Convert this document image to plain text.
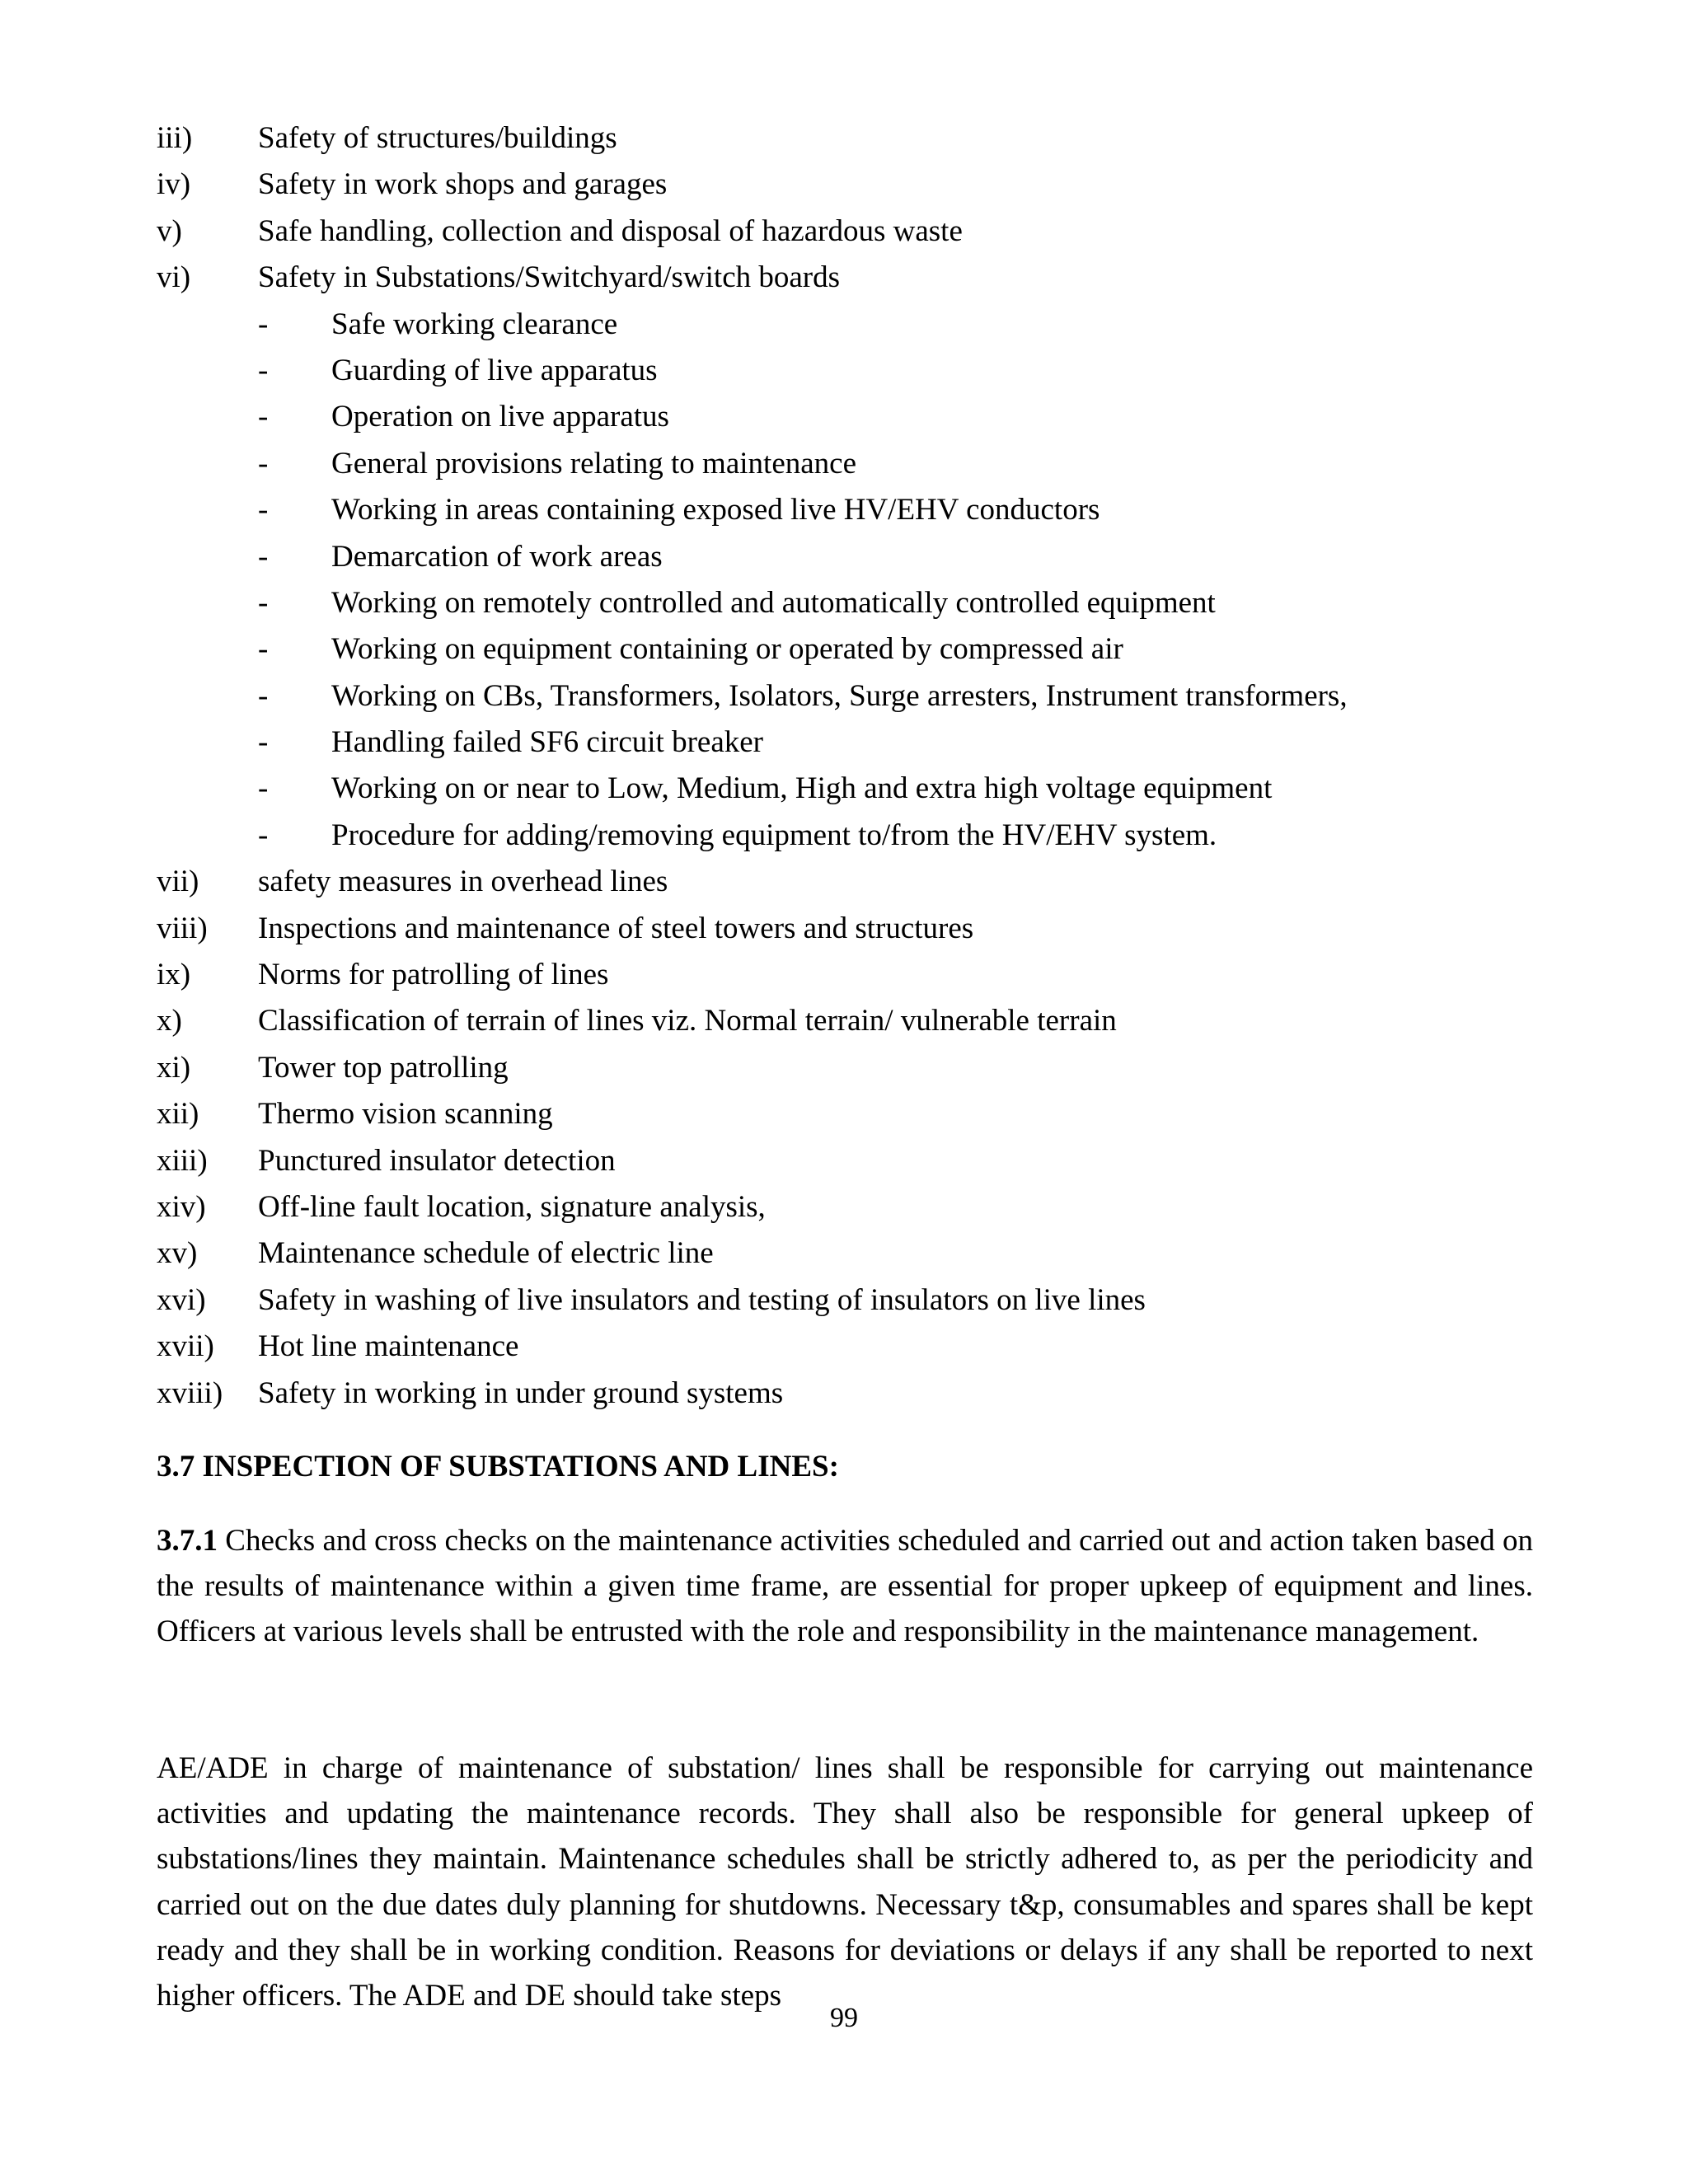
iii) Safety of structures/buildings
iv) Safety in work shops and garages
v) Safe handling, collection and disposal of hazardous waste
vi) Safety in Substations/Switchyard/switch boards
- Safe working clearance
- Guarding of live apparatus
- Operation on live apparatus
- General provisions relating to maintenance
- Working in areas containing exposed live HV/EHV conductors
- Demarcation of work areas
- Working on remotely controlled and automatically controlled equipment
- Working on equipment containing or operated by compressed air
- Working on CBs, Transformers, Isolators, Surge arresters, Instrument transformers,
- Handling failed SF6 circuit breaker
- Working on or near to Low, Medium, High and extra high voltage equipment
- Procedure for adding/removing equipment to/from the HV/EHV system.
vii) safety measures in overhead lines
viii) Inspections and maintenance of steel towers and structures
ix) Norms for patrolling of lines
x) Classification of terrain of lines viz. Normal terrain/ vulnerable terrain
xi) Tower top patrolling
xii) Thermo vision scanning
xiii) Punctured insulator detection
xiv) Off-line fault location, signature analysis,
xv) Maintenance schedule of electric line
xvi) Safety in washing of live insulators and testing of insulators on live lines
xvii) Hot line maintenance
xviii) Safety in working in under ground systems
3.7 INSPECTION OF SUBSTATIONS AND LINES:

3.7.1 Checks and cross checks on the maintenance activities scheduled and carried out and action taken based on the results of maintenance within a given time frame, are essential for proper upkeep of equipment and lines. Officers at various levels shall be entrusted with the role and responsibility in the maintenance management.

AE/ADE in charge of maintenance of substation/ lines shall be responsible for carrying out maintenance activities and updating the maintenance records. They shall also be responsible for general upkeep of substations/lines they maintain. Maintenance schedules shall be strictly adhered to, as per the periodicity and carried out on the due dates duly planning for shutdowns. Necessary t&p, consumables and spares shall be kept ready and they shall be in working condition. Reasons for deviations or delays if any shall be reported to next higher officers. The ADE and DE should take steps

99
